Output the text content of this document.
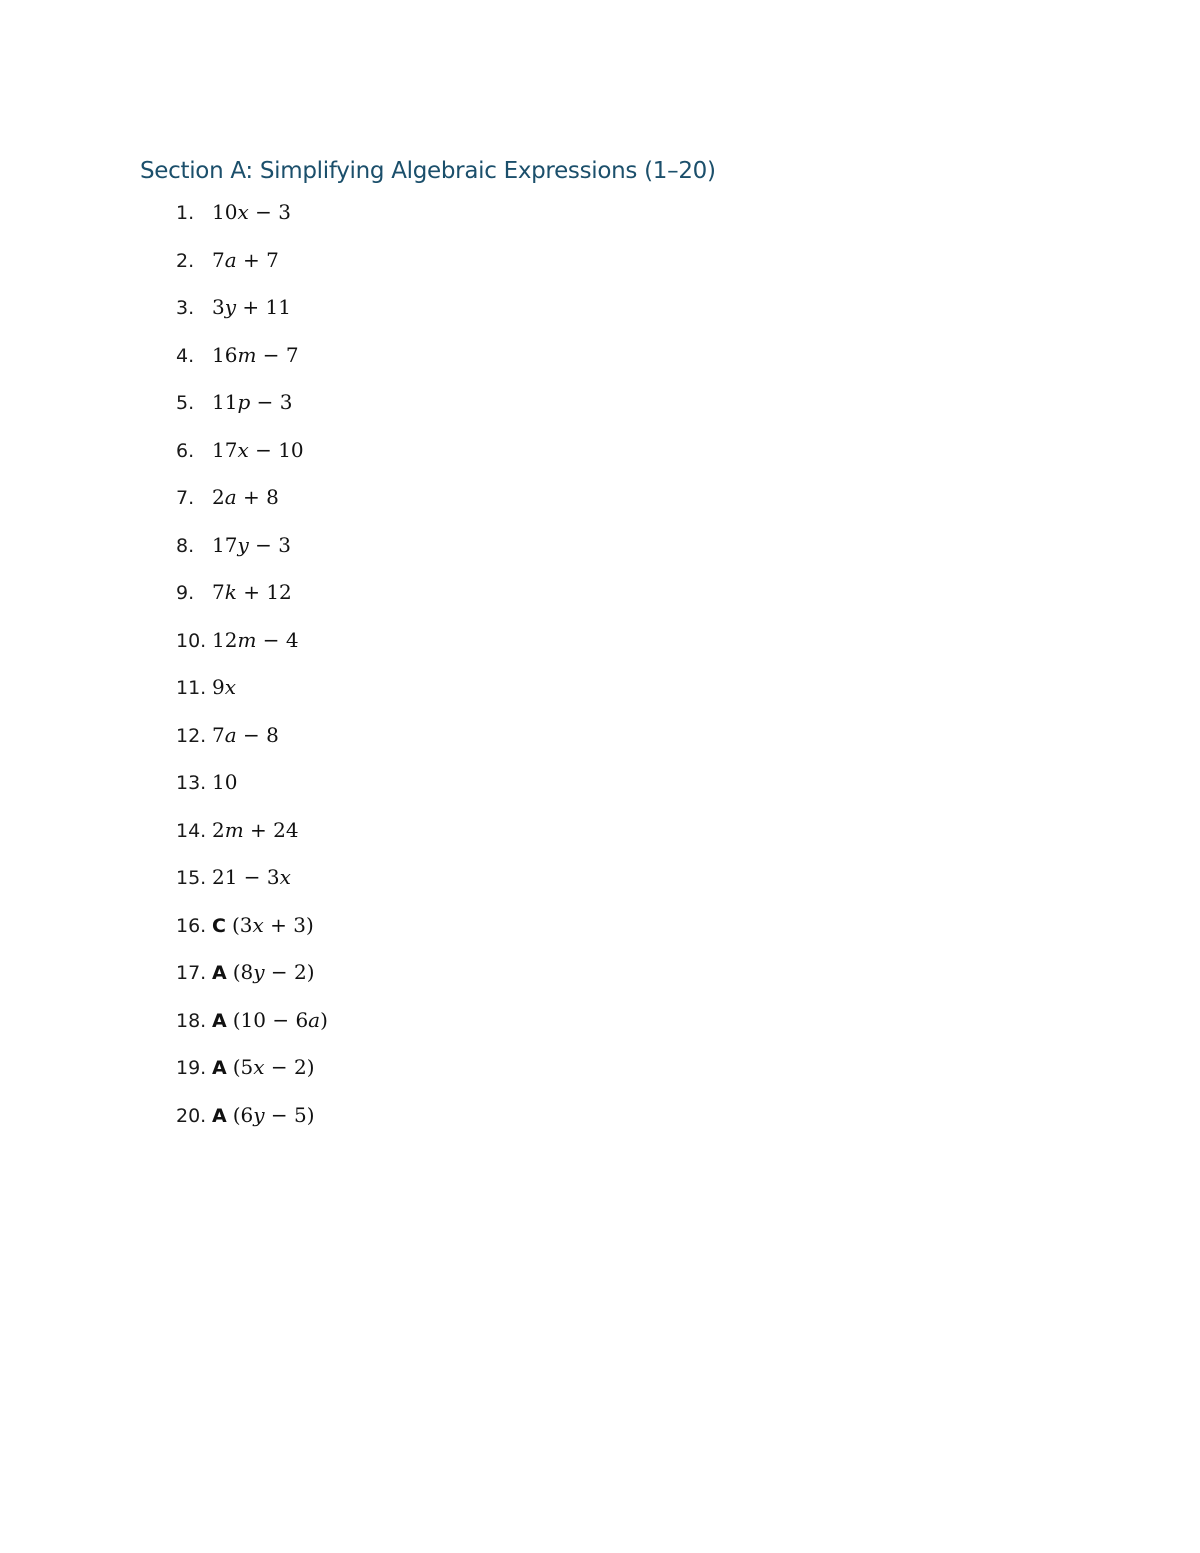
Section A: Simplifying Algebraic Expressions (1–20)
1. 10𝑥 − 3
2. 7𝑎 + 7
3. 3𝑦 + 11
4. 16𝑚 − 7
5. 11𝑝 − 3
6. 17𝑥 − 10
7. 2𝑎 + 8
8. 17𝑦 − 3
9. 7𝑘 + 12
10. 12𝑚 − 4
11. 9𝑥
12. 7𝑎 − 8
13. 10
14. 2𝑚 + 24
15. 21 − 3𝑥
16. C (3𝑥 + 3)
17. A (8𝑦 − 2)
18. A (10 − 6𝑎)
19. A (5𝑥 − 2)
20. A (6𝑦 − 5)
